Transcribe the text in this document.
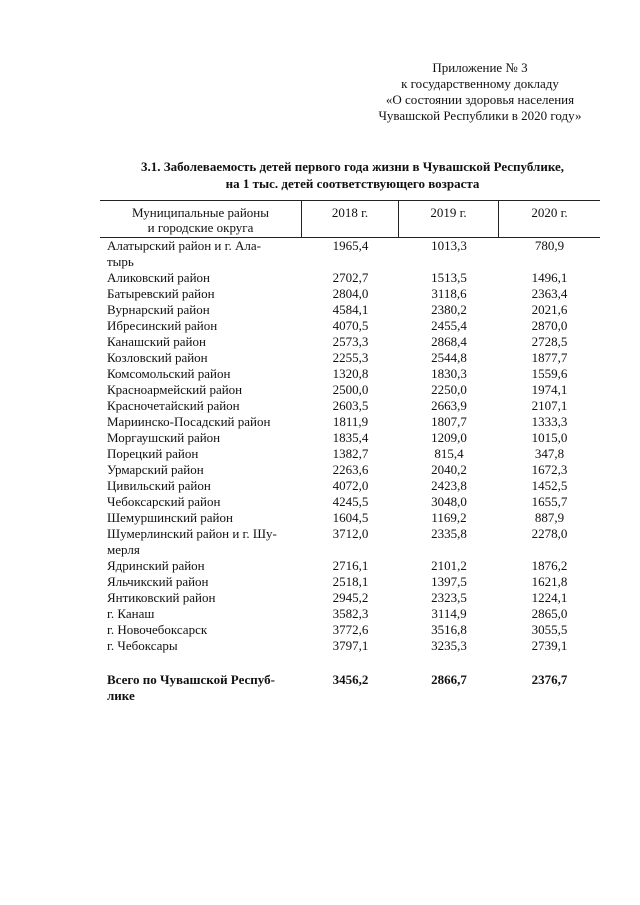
Приложение № 3
к государственному докладу
«О состоянии здоровья населения
Чувашской Республики в 2020 году»
3.1. Заболеваемость детей первого года жизни в Чувашской Республике,
на 1 тыс. детей соответствующего возраста
Муниципальные районы
и городские округа
2018 г.	2019 г.	2020 г.
Алатырский район и г. Ала-
тырь
1965,4	1013,3	780,9
Аликовский район	2702,7	1513,5	1496,1
Батыревский район	2804,0	3118,6	2363,4
Вурнарский район	4584,1	2380,2	2021,6
Ибресинский район	4070,5	2455,4	2870,0
Канашский район	2573,3	2868,4	2728,5
Козловский район	2255,3	2544,8	1877,7
Комсомольский район	1320,8	1830,3	1559,6
Красноармейский район	2500,0	2250,0	1974,1
Красночетайский район	2603,5	2663,9	2107,1
Мариинско-Посадский район	1811,9	1807,7	1333,3
Моргаушский район	1835,4	1209,0	1015,0
Порецкий район	1382,7	815,4	347,8
Урмарский район	2263,6	2040,2	1672,3
Цивильский район	4072,0	2423,8	1452,5
Чебоксарский район	4245,5	3048,0	1655,7
Шемуршинский район	1604,5	1169,2	887,9
Шумерлинский район и г. Шу-
мерля
3712,0	2335,8	2278,0
Ядринский район	2716,1	2101,2	1876,2
Яльчикский район	2518,1	1397,5	1621,8
Янтиковский район	2945,2	2323,5	1224,1
г. Канаш	3582,3	3114,9	2865,0
г. Новочебоксарск	3772,6	3516,8	3055,5
г. Чебоксары	3797,1	3235,3	2739,1
Всего по Чувашской Респуб-
лике
3456,2	2866,7	2376,7
